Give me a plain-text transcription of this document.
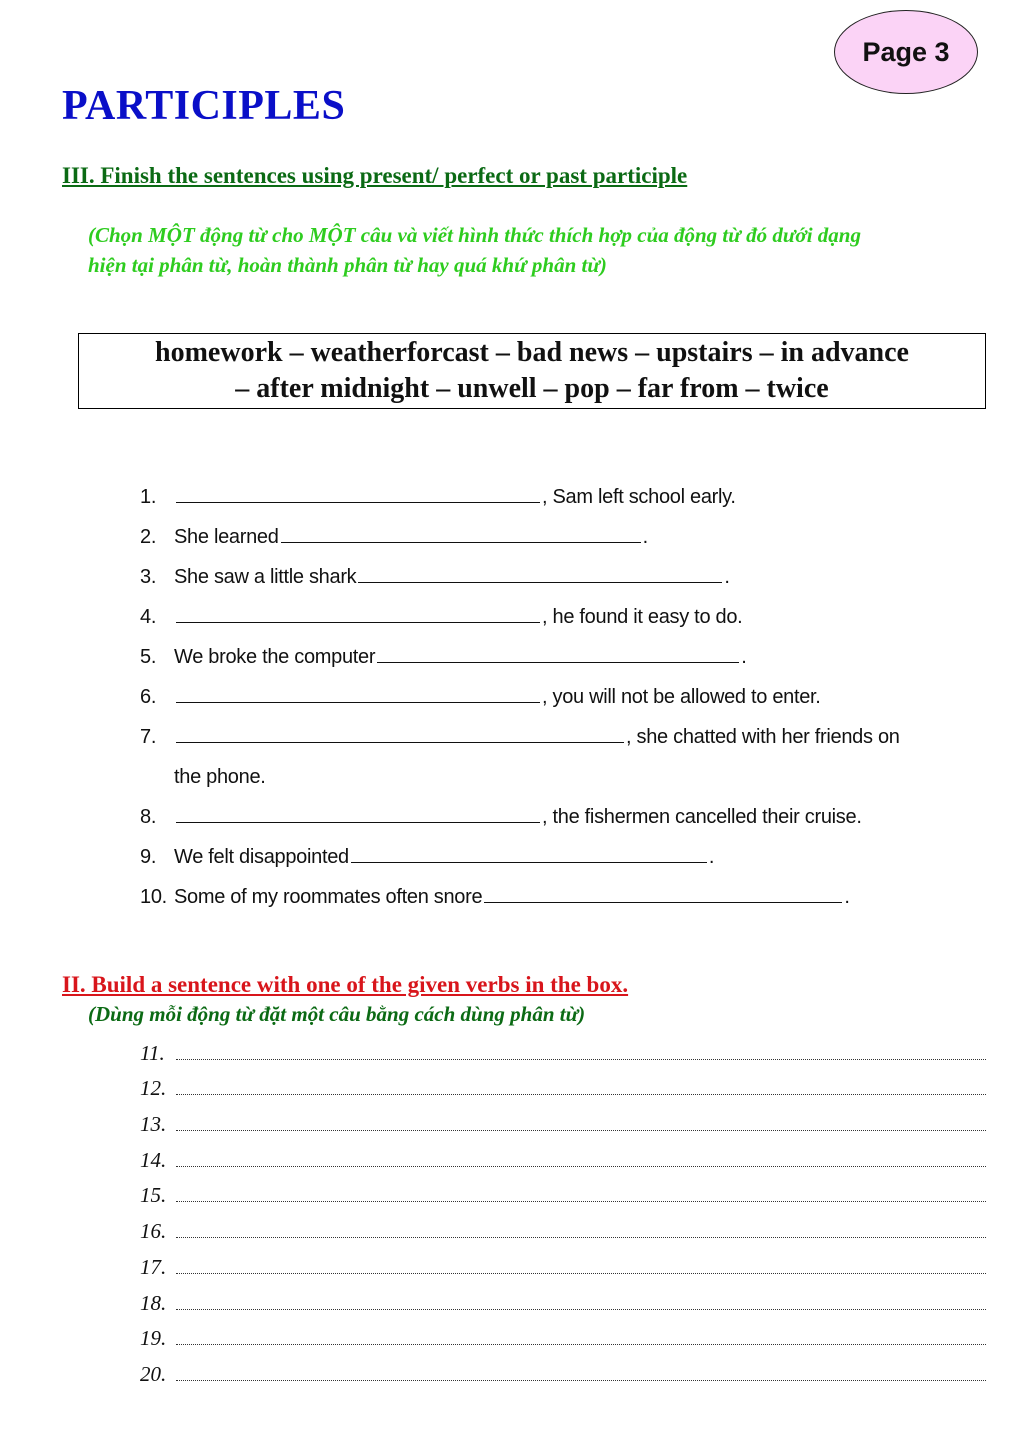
Page 3
PARTICIPLES
III. Finish the sentences using present/ perfect or past participle
(Chọn MỘT động từ cho MỘT câu và viết hình thức thích hợp của động từ đó dưới dạng
hiện tại phân từ, hoàn thành phân từ hay quá khứ phân từ)
homework – weatherforcast – bad news – upstairs – in advance
– after midnight – unwell – pop – far from – twice
1.	, Sam left school early.
2. She learned	.
3. She saw a little shark	.
4.	, he found it easy to do.
5. We broke the computer	.
6.	, you will not be allowed to enter.
7.	, she chatted with her friends on
the phone.
8.	, the fishermen cancelled their cruise.
9. We felt disappointed	.
10. Some of my roommates often snore	.
II. Build a sentence with one of the given verbs in the box.
(Dùng mỗi động từ đặt một câu bằng cách dùng phân từ)
11.
12.
13.
14.
15.
16.
17.
18.
19.
20.
